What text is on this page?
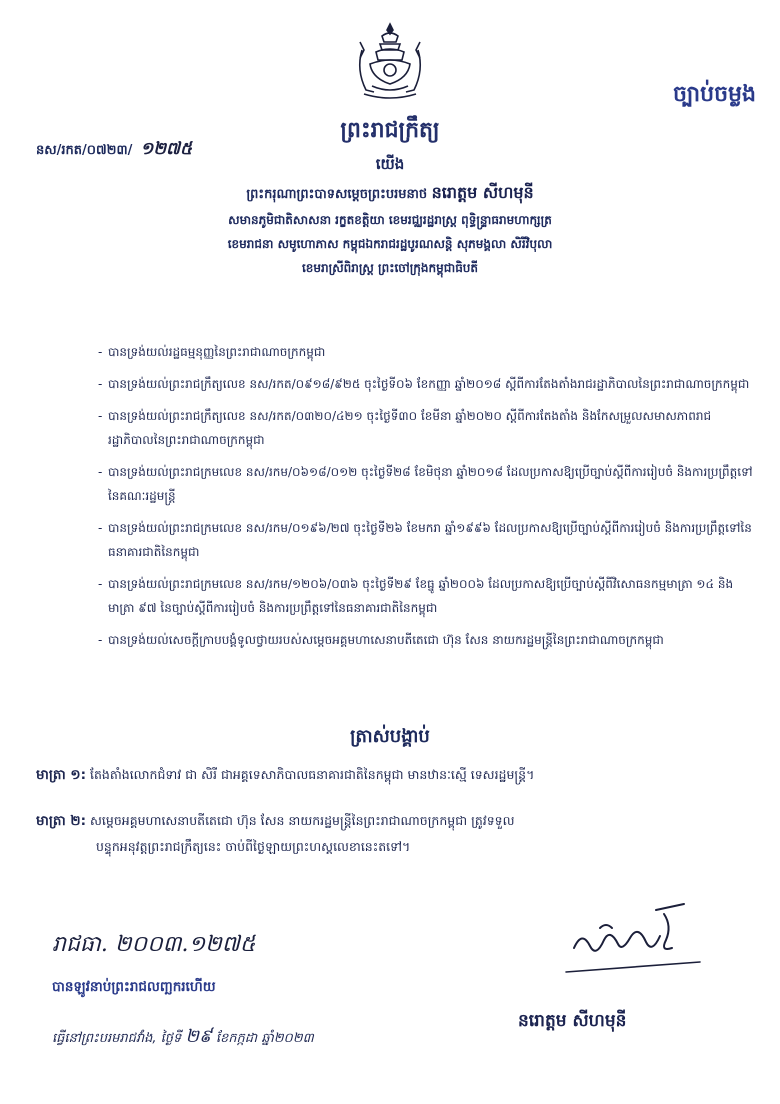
ច្បាប់ចម្លង
ព្រះរាជក្រឹត្យ
នស/រកត/០៧២៣/ ១២៧៥
យើង
ព្រះករុណាព្រះបាទសម្តេចព្រះបរមនាថ នរោត្តម សីហមុនី
សមានភូមិជាតិសាសនា រក្ខតខត្តិយា ខេមរជ្ឈរដ្ឋរាស្ត្រ ពុទ្ធិន្ទ្រាធរាមហាក្សត្រ
ខេមរាជនា សមូហោភាស កម្ពុជឯករាជរដ្ឋបូរណសន្តិ សុភមង្គលា សិរីវិបុលា
ខេមរាស្រីពិរាស្ត្រ ព្រះចៅក្រុងកម្ពុជាធិបតី
- បានទ្រង់យល់រដ្ឋធម្មនុញ្ញនៃព្រះរាជាណាចក្រកម្ពុជា
- បានទ្រង់យល់ព្រះរាជក្រឹត្យលេខ នស/រកត/០៩១៨/៩២៥ ចុះថ្ងៃទី០៦ ខែកញ្ញា ឆ្នាំ២០១៨ ស្តីពីការតែងតាំងរាជរដ្ឋាភិបាលនៃព្រះរាជាណាចក្រកម្ពុជា
- បានទ្រង់យល់ព្រះរាជក្រឹត្យលេខ នស/រកត/០៣២០/៤២១ ចុះថ្ងៃទី៣០ ខែមីនា ឆ្នាំ២០២០ ស្តីពីការតែងតាំង និងកែសម្រួលសមាសភាពរាជរដ្ឋាភិបាលនៃព្រះរាជាណាចក្រកម្ពុជា
- បានទ្រង់យល់ព្រះរាជក្រមលេខ នស/រកម/០៦១៨/០១២ ចុះថ្ងៃទី២៨ ខែមិថុនា ឆ្នាំ២០១៨ ដែលប្រកាសឱ្យប្រើច្បាប់ស្តីពីការរៀបចំ និងការប្រព្រឹត្តទៅនៃគណៈរដ្ឋមន្ត្រី
- បានទ្រង់យល់ព្រះរាជក្រមលេខ នស/រកម/០១៩៦/២៧ ចុះថ្ងៃទី២៦ ខែមករា ឆ្នាំ១៩៩៦ ដែលប្រកាសឱ្យប្រើច្បាប់ស្តីពីការរៀបចំ និងការប្រព្រឹត្តទៅនៃធនាគារជាតិនៃកម្ពុជា
- បានទ្រង់យល់ព្រះរាជក្រមលេខ នស/រកម/១២០៦/០៣៦ ចុះថ្ងៃទី២៩ ខែធ្នូ ឆ្នាំ២០០៦ ដែលប្រកាសឱ្យប្រើច្បាប់ស្តីពីវិសោធនកម្មមាត្រា ១៤ និង មាត្រា ៩៧ នៃច្បាប់ស្តីពីការរៀបចំ និងការប្រព្រឹត្តទៅនៃធនាគារជាតិនៃកម្ពុជា
- បានទ្រង់យល់សេចក្តីក្រាបបង្គំទូលថ្វាយរបស់សម្តេចអគ្គមហាសេនាបតីតេជោ ហ៊ុន សែន នាយករដ្ឋមន្ត្រីនៃព្រះរាជាណាចក្រកម្ពុជា
ត្រាស់បង្គាប់
មាត្រា ១: តែងតាំងលោកជំទាវ ជា សិរី ជាអគ្គទេសាភិបាលធនាគារជាតិនៃកម្ពុជា មានឋានៈស្មើ ទេសរដ្ឋមន្ត្រី។
មាត្រា ២: សម្តេចអគ្គមហាសេនាបតីតេជោ ហ៊ុន សែន នាយករដ្ឋមន្ត្រីនៃព្រះរាជាណាចក្រកម្ពុជា ត្រូវទទួល
បន្ទុកអនុវត្តព្រះរាជក្រឹត្យនេះ ចាប់ពីថ្ងៃឡាយព្រះហស្តលេខានេះតទៅ។
រាជធា. ២០០៣.១២៧៥
បានឡូវនាប់ព្រះរាជលញ្ឆករហើយ
ធ្វើនៅព្រះបរមរាជវាំង, ថ្ងៃទី ២៩ ខែកក្កដា ឆ្នាំ២០២៣
នរោត្តម សីហមុនី
